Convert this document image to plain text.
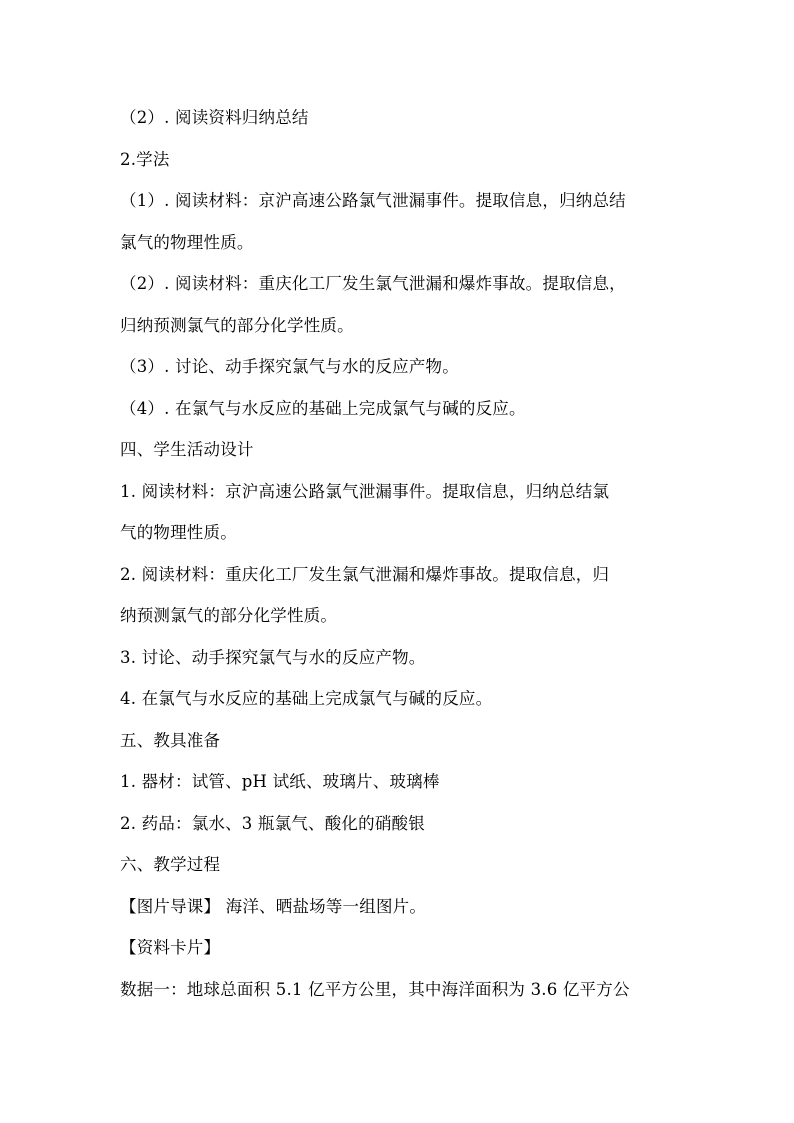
（2）. 阅读资料归纳总结
2.学法
（1）. 阅读材料：京沪高速公路氯气泄漏事件。提取信息，归纳总结
氯气的物理性质。
（2）. 阅读材料：重庆化工厂发生氯气泄漏和爆炸事故。提取信息，
归纳预测氯气的部分化学性质。
（3）. 讨论、动手探究氯气与水的反应产物。
（4）. 在氯气与水反应的基础上完成氯气与碱的反应。
四、学生活动设计
1. 阅读材料：京沪高速公路氯气泄漏事件。提取信息，归纳总结氯
气的物理性质。
2. 阅读材料：重庆化工厂发生氯气泄漏和爆炸事故。提取信息，归
纳预测氯气的部分化学性质。
3. 讨论、动手探究氯气与水的反应产物。
4. 在氯气与水反应的基础上完成氯气与碱的反应。
五、教具准备
1. 器材：试管、pH 试纸、玻璃片、玻璃棒
2. 药品：氯水、3 瓶氯气、酸化的硝酸银
六、教学过程
【图片导课】 海洋、晒盐场等一组图片。
【资料卡片】
数据一：地球总面积 5.1 亿平方公里，其中海洋面积为 3.6 亿平方公
